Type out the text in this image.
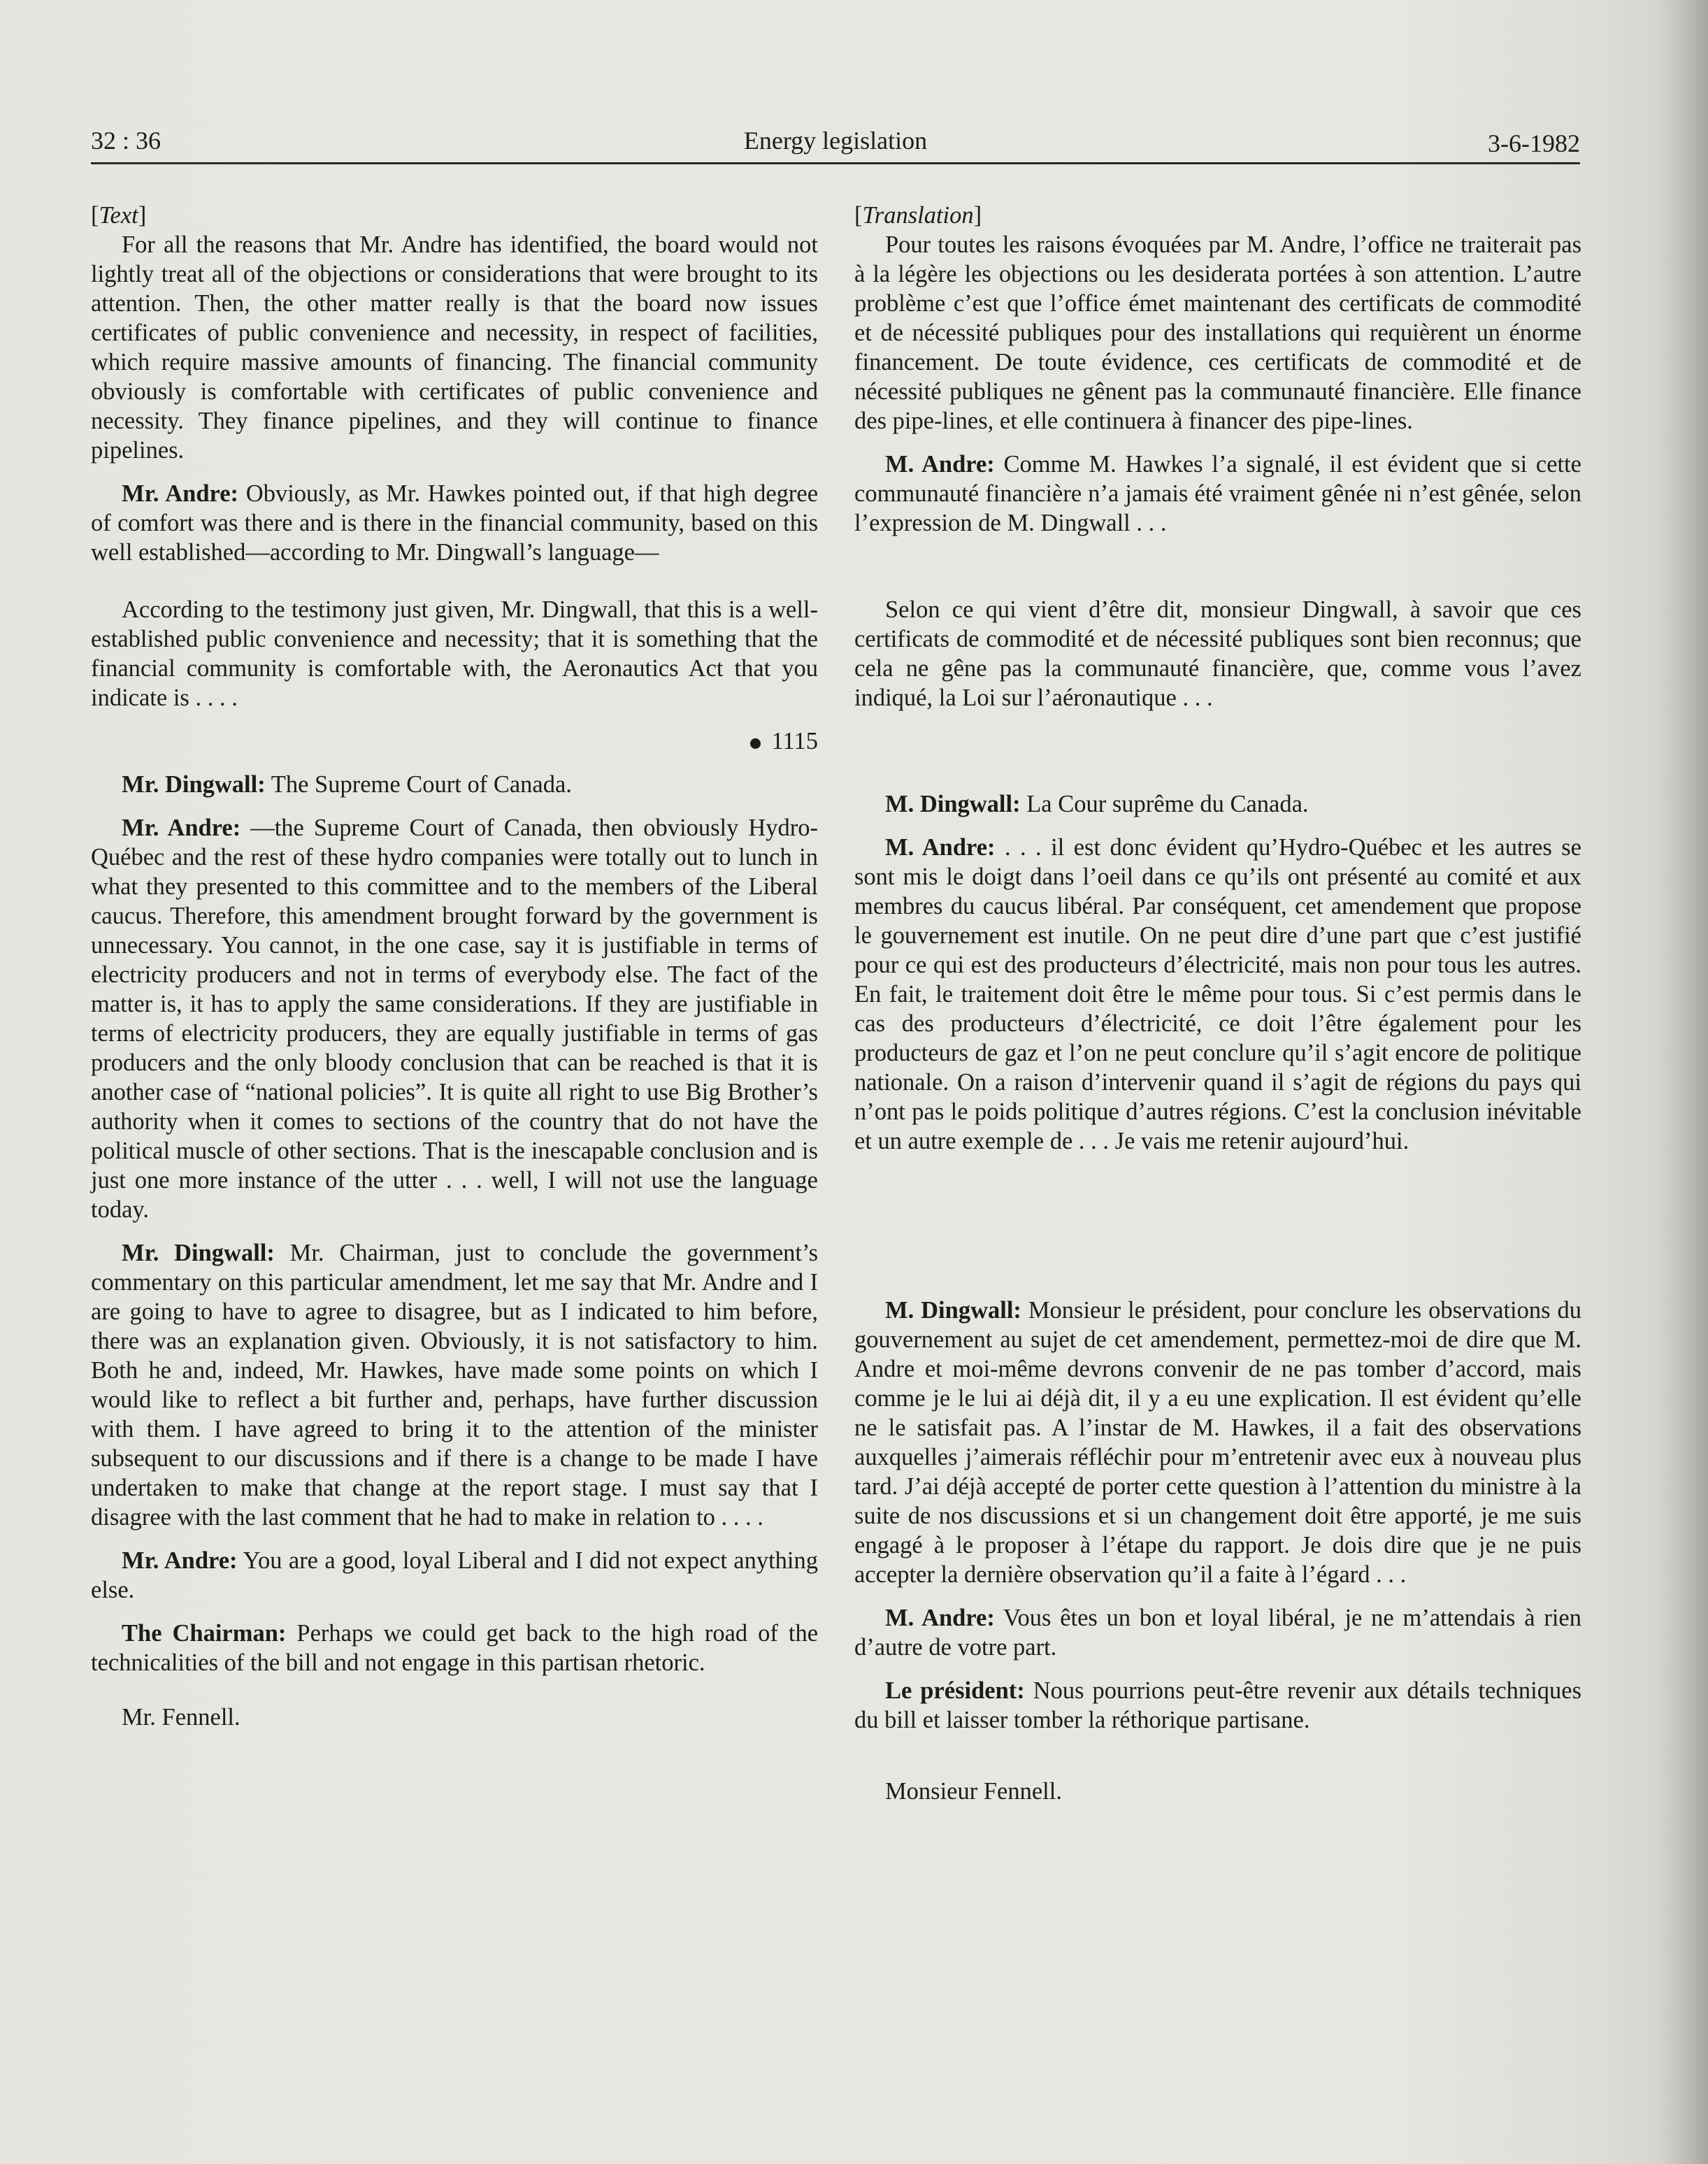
32 : 36	Energy legislation	3-6-1982

[Text]

For all the reasons that Mr. Andre has identified, the board would not lightly treat all of the objections or considerations that were brought to its attention. Then, the other matter really is that the board now issues certificates of public convenience and necessity, in respect of facilities, which require massive amounts of financing. The financial community obviously is comfortable with certificates of public convenience and necessity. They finance pipelines, and they will continue to finance pipelines.

Mr. Andre: Obviously, as Mr. Hawkes pointed out, if that high degree of comfort was there and is there in the financial community, based on this well established—according to Mr. Dingwall’s language—

According to the testimony just given, Mr. Dingwall, that this is a well-established public convenience and necessity; that it is something that the financial community is comfortable with, the Aeronautics Act that you indicate is . . . .

1115

Mr. Dingwall: The Supreme Court of Canada.

Mr. Andre: —the Supreme Court of Canada, then obviously Hydro-Québec and the rest of these hydro companies were totally out to lunch in what they presented to this committee and to the members of the Liberal caucus. Therefore, this amendment brought forward by the government is unnecessary. You cannot, in the one case, say it is justifiable in terms of electricity producers and not in terms of everybody else. The fact of the matter is, it has to apply the same considerations. If they are justifiable in terms of electricity producers, they are equally justifiable in terms of gas producers and the only bloody conclusion that can be reached is that it is another case of “national policies”. It is quite all right to use Big Brother’s authority when it comes to sections of the country that do not have the political muscle of other sections. That is the inescapable conclusion and is just one more instance of the utter . . . well, I will not use the language today.

Mr. Dingwall: Mr. Chairman, just to conclude the government’s commentary on this particular amendment, let me say that Mr. Andre and I are going to have to agree to disagree, but as I indicated to him before, there was an explanation given. Obviously, it is not satisfactory to him. Both he and, indeed, Mr. Hawkes, have made some points on which I would like to reflect a bit further and, perhaps, have further discussion with them. I have agreed to bring it to the attention of the minister subsequent to our discussions and if there is a change to be made I have undertaken to make that change at the report stage. I must say that I disagree with the last comment that he had to make in relation to . . . .

Mr. Andre: You are a good, loyal Liberal and I did not expect anything else.

The Chairman: Perhaps we could get back to the high road of the technicalities of the bill and not engage in this partisan rhetoric.

Mr. Fennell.

[Translation]

Pour toutes les raisons évoquées par M. Andre, l’office ne traiterait pas à la légère les objections ou les desiderata portées à son attention. L’autre problème c’est que l’office émet maintenant des certificats de commodité et de nécessité publiques pour des installations qui requièrent un énorme financement. De toute évidence, ces certificats de commodité et de nécessité publiques ne gênent pas la communauté financière. Elle finance des pipe-lines, et elle continuera à financer des pipe-lines.

M. Andre: Comme M. Hawkes l’a signalé, il est évident que si cette communauté financière n’a jamais été vraiment gênée ni n’est gênée, selon l’expression de M. Dingwall . . .

Selon ce qui vient d’être dit, monsieur Dingwall, à savoir que ces certificats de commodité et de nécessité publiques sont bien reconnus; que cela ne gêne pas la communauté financière, que, comme vous l’avez indiqué, la Loi sur l’aéronautique . . .

M. Dingwall: La Cour suprême du Canada.

M. Andre: . . . il est donc évident qu’Hydro-Québec et les autres se sont mis le doigt dans l’oeil dans ce qu’ils ont présenté au comité et aux membres du caucus libéral. Par conséquent, cet amendement que propose le gouvernement est inutile. On ne peut dire d’une part que c’est justifié pour ce qui est des producteurs d’électricité, mais non pour tous les autres. En fait, le traitement doit être le même pour tous. Si c’est permis dans le cas des producteurs d’électricité, ce doit l’être également pour les producteurs de gaz et l’on ne peut conclure qu’il s’agit encore de politique nationale. On a raison d’intervenir quand il s’agit de régions du pays qui n’ont pas le poids politique d’autres régions. C’est la conclusion inévitable et un autre exemple de . . . Je vais me retenir aujourd’hui.

M. Dingwall: Monsieur le président, pour conclure les observations du gouvernement au sujet de cet amendement, permettez-moi de dire que M. Andre et moi-même devrons convenir de ne pas tomber d’accord, mais comme je le lui ai déjà dit, il y a eu une explication. Il est évident qu’elle ne le satisfait pas. A l’instar de M. Hawkes, il a fait des observations auxquelles j’aimerais réfléchir pour m’entretenir avec eux à nouveau plus tard. J’ai déjà accepté de porter cette question à l’attention du ministre à la suite de nos discussions et si un changement doit être apporté, je me suis engagé à le proposer à l’étape du rapport. Je dois dire que je ne puis accepter la dernière observation qu’il a faite à l’égard . . .

M. Andre: Vous êtes un bon et loyal libéral, je ne m’attendais à rien d’autre de votre part.

Le président: Nous pourrions peut-être revenir aux détails techniques du bill et laisser tomber la réthorique partisane.

Monsieur Fennell.
